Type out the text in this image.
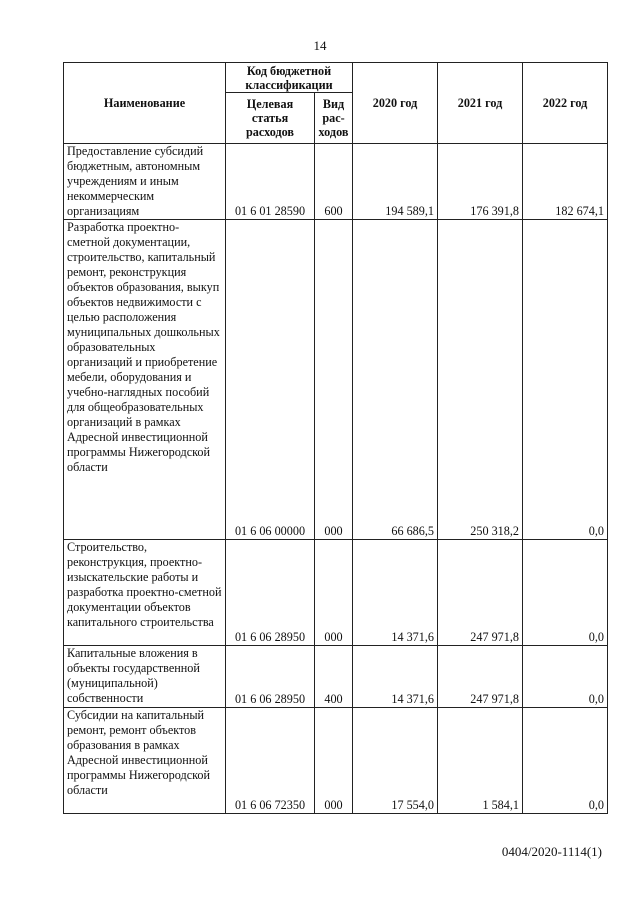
14
Наименование	Код бюджетной классификации		2020 год	2021 год	2022 год
	Целевая статья расходов	Вид рас-ходов			
Предоставление субсидий бюджетным, автономным учреждениям и иным некоммерческим организациям	01 6 01 28590	600	194 589,1	176 391,8	182 674,1
Разработка проектно-сметной документации, строительство, капитальный ремонт, реконструкция объектов образования, выкуп объектов недвижимости с целью расположения муниципальных дошкольных образовательных организаций и приобретение мебели, оборудования и учебно-наглядных пособий для общеобразовательных организаций в рамках Адресной инвестиционной программы Нижегородской области	01 6 06 00000	000	66 686,5	250 318,2	0,0
Строительство, реконструкция, проектно-изыскательские работы и разработка проектно-сметной документации объектов капитального строительства	01 6 06 28950	000	14 371,6	247 971,8	0,0
Капитальные вложения в объекты государственной (муниципальной) собственности	01 6 06 28950	400	14 371,6	247 971,8	0,0
Субсидии на капитальный ремонт, ремонт объектов образования в рамках Адресной инвестиционной программы Нижегородской области	01 6 06 72350	000	17 554,0	1 584,1	0,0
0404/2020-1114(1)
